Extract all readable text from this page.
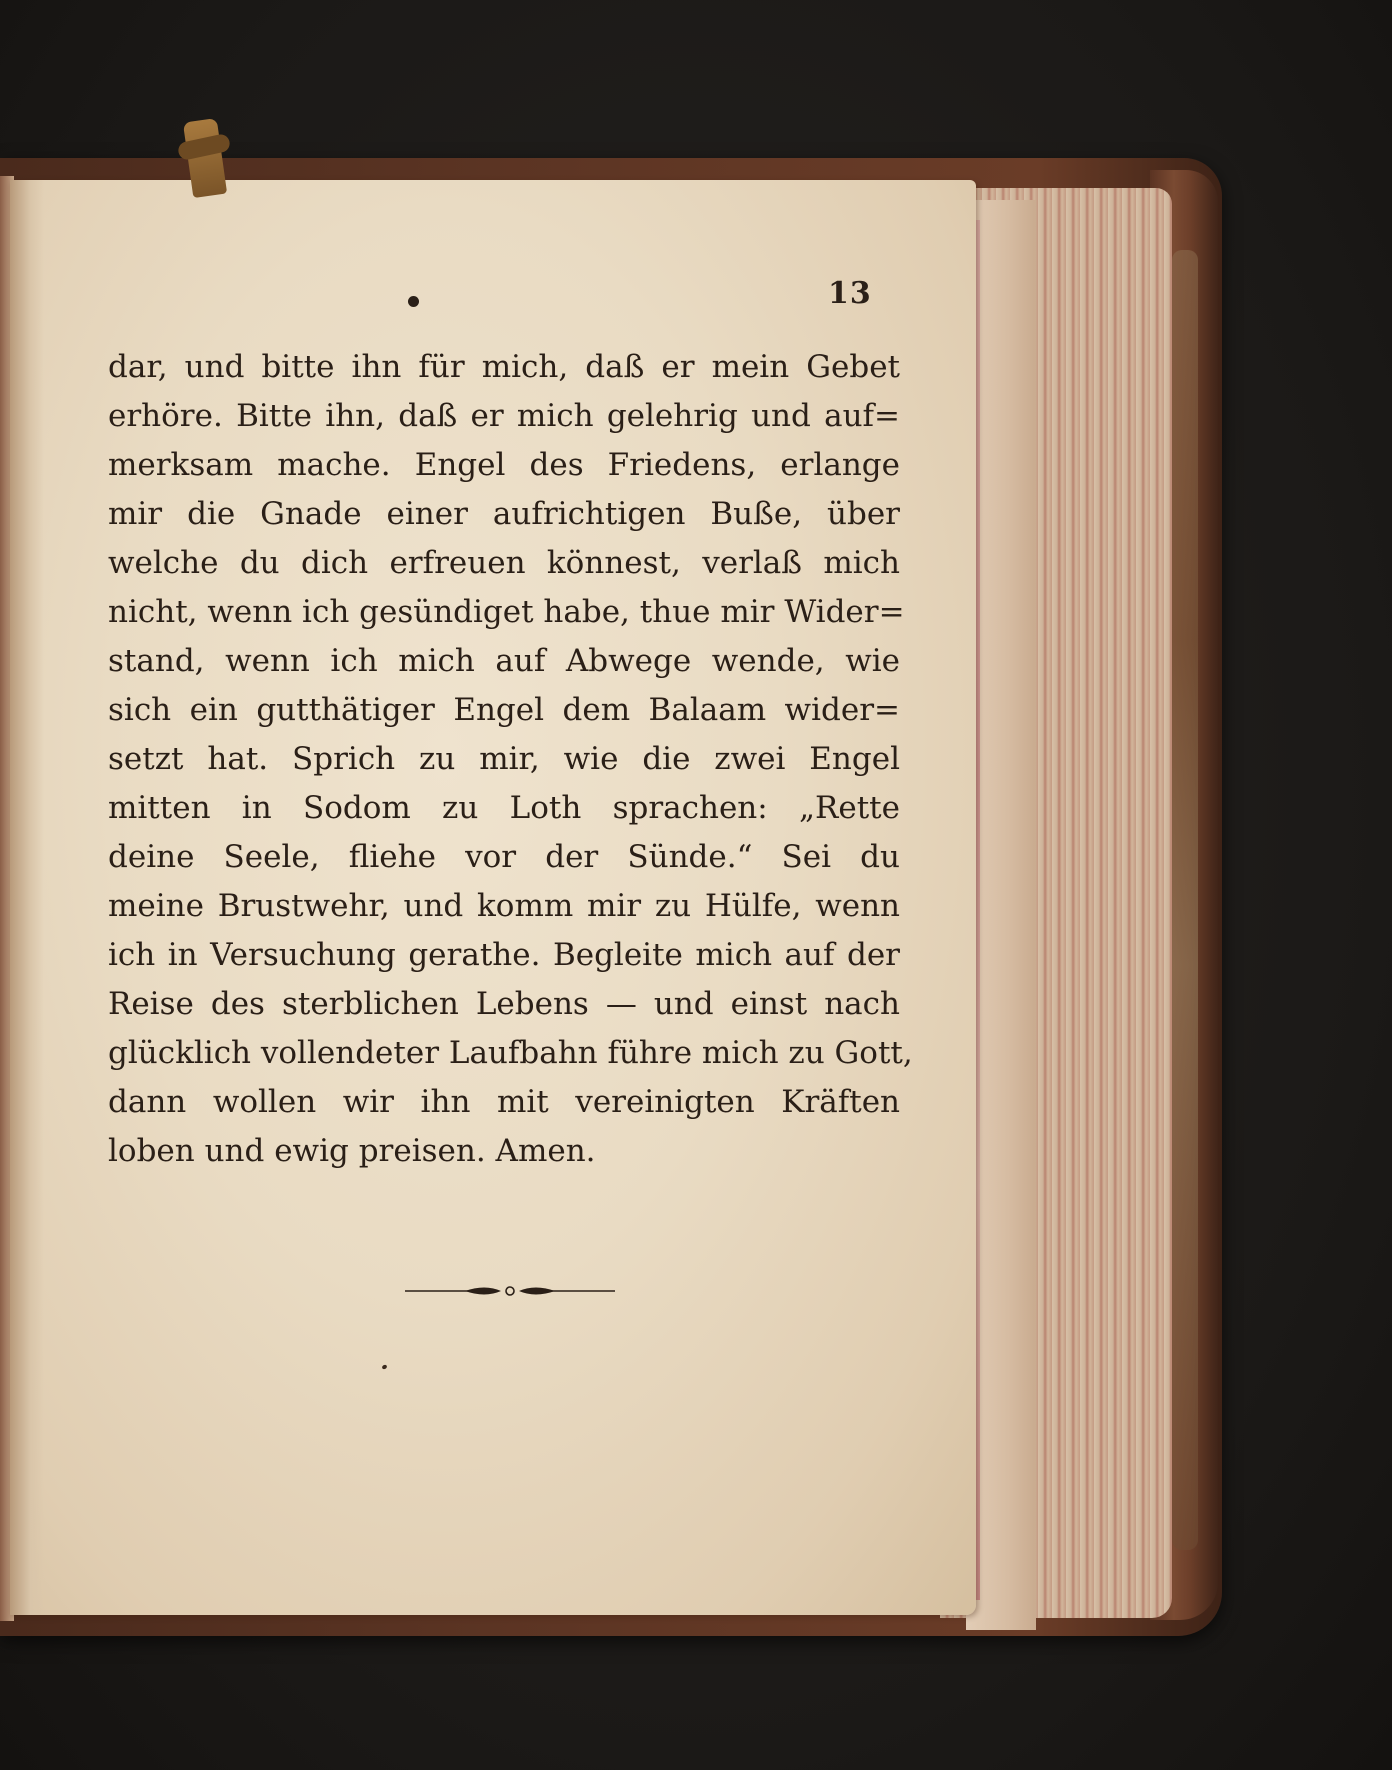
13
dar, und bitte ihn für mich, daß er mein Gebet
erhöre. Bitte ihn, daß er mich gelehrig und auf=
merksam mache. Engel des Friedens, erlange
mir die Gnade einer aufrichtigen Buße, über
welche du dich erfreuen könnest, verlaß mich
nicht, wenn ich gesündiget habe, thue mir Wider=
stand, wenn ich mich auf Abwege wende, wie
sich ein gutthätiger Engel dem Balaam wider=
setzt hat. Sprich zu mir, wie die zwei Engel
mitten in Sodom zu Loth sprachen: „Rette
deine Seele, fliehe vor der Sünde.“ Sei du
meine Brustwehr, und komm mir zu Hülfe, wenn
ich in Versuchung gerathe. Begleite mich auf der
Reise des sterblichen Lebens — und einst nach
glücklich vollendeter Laufbahn führe mich zu Gott,
dann wollen wir ihn mit vereinigten Kräften
loben und ewig preisen. Amen.
